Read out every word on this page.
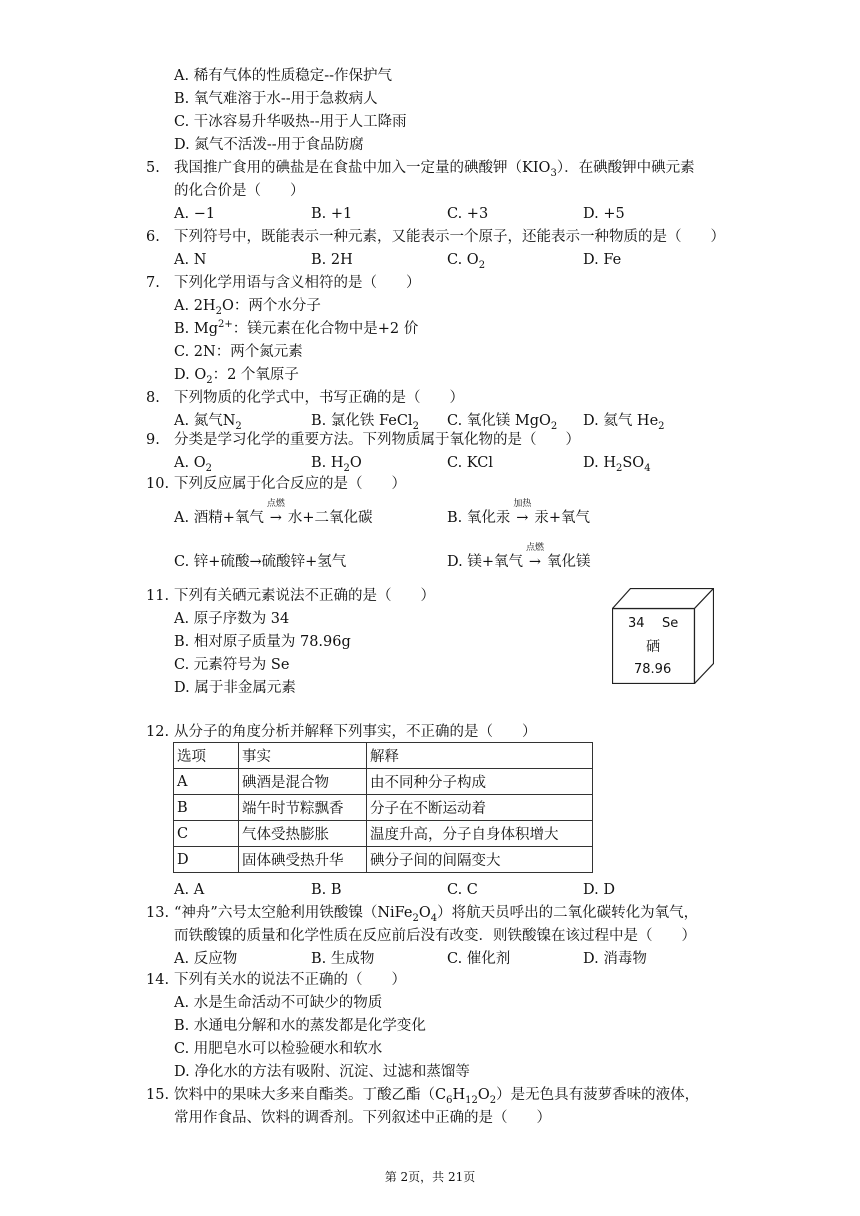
A. 稀有气体的性质稳定--作保护气
B. 氧气难溶于水--用于急救病人
C. 干冰容易升华吸热--用于人工降雨
D. 氮气不活泼--用于食品防腐
5. 我国推广食用的碘盐是在食盐中加入一定量的碘酸钾$(KIO_3)$．在碘酸钾中碘元素
的化合价是（　　）
A. −1	B. +1	C. +3	D. +5
6. 下列符号中，既能表示一种元素，又能表示一个原子，还能表示一种物质的是（　　）
A. N	B. 2H	C. $O_2$	D. Fe
7. 下列化学用语与含义相符的是（　　）
A. $2H_2O$：两个水分子
B. $Mg^{2+}$：镁元素在化合物中是+2 价
C. 2N：两个氮元素
D. $O_2$：2 个氧原子
8. 下列物质的化学式中，书写正确的是（　　）
A. 氮气$N_2$	B. 氯化铁 FeCl$_2$ C. 氧化镁 MgO$_2$ D. 氦气 $He_2$
9. 分类是学习化学的重要方法。下列物质属于氧化物的是（　　）
A. $O_2$	B. $H_2O$	C. KCl	D. $H_2SO_4$
10. 下列反应属于化合反应的是（　　）
A. 酒精+氧气
点燃
→ 水+二氧化碳	B. 氧化汞
加热
→ 汞+氧气
C. 锌+硫酸→硫酸锌+氢气	D. 镁+氧气
点燃
→ 氧化镁
11. 下列有关硒元素说法不正确的是（　　）
A. 原子序数为 34
B. 相对原子质量为 78.96g
C. 元素符号为 Se
D. 属于非金属元素
34 Se
硒
78.96
12. 从分子的角度分析并解释下列事实，不正确的是（　　）
选项	事实	解释
A	碘酒是混合物	由不同种分子构成
B	端午时节粽飘香	分子在不断运动着
C	气体受热膨胀	温度升高，分子自身体积增大
D	固体碘受热升华	碘分子间的间隔变大
A. A	B. B	C. C	D. D
13. “神舟”六号太空舱利用铁酸镍$(NiFe_2O_4)$将航天员呼出的二氧化碳转化为氧气，
而铁酸镍的质量和化学性质在反应前后没有改变．则铁酸镍在该过程中是（　　）
A. 反应物	B. 生成物	C. 催化剂	D. 消毒物
14. 下列有关水的说法不正确的（　　）
A. 水是生命活动不可缺少的物质
B. 水通电分解和水的蒸发都是化学变化
C. 用肥皂水可以检验硬水和软水
D. 净化水的方法有吸附、沉淀、过滤和蒸馏等
15. 饮料中的果味大多来自酯类。丁酸乙酯$(C_6H_{12}O_2)$是无色具有菠萝香味的液体，
常用作食品、饮料的调香剂。下列叙述中正确的是（　　）
第 2页，共 21页
